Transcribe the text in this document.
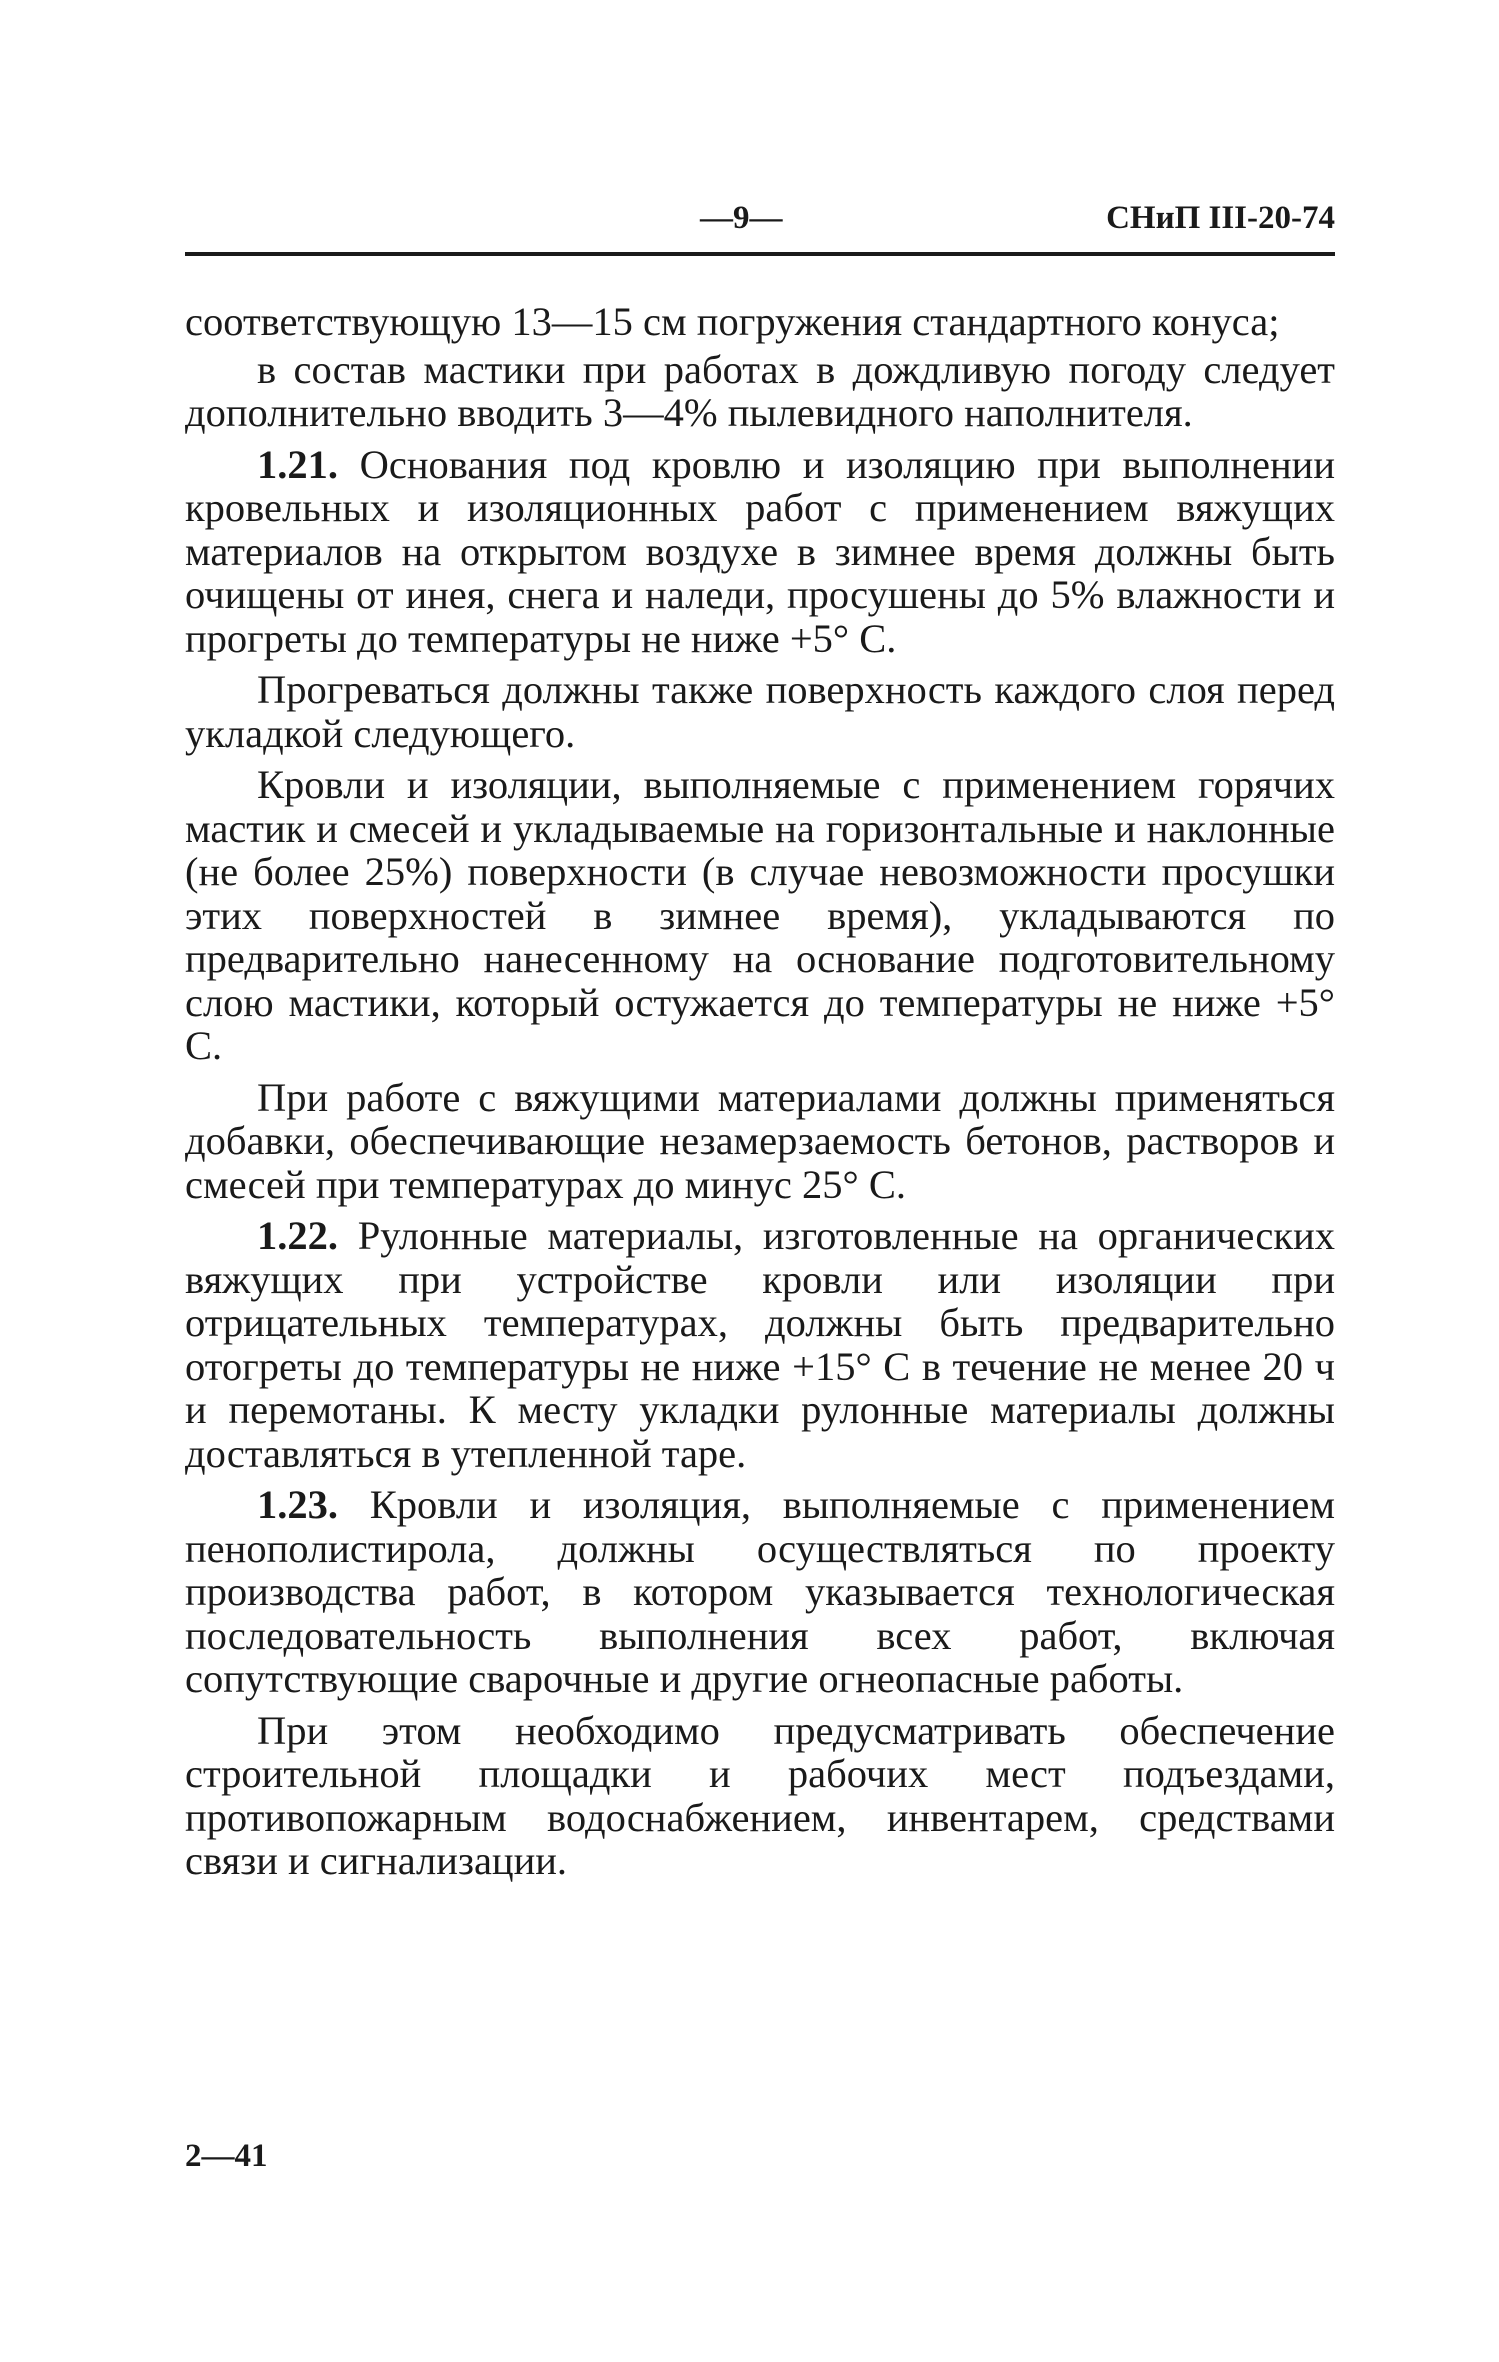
—9—	СНиП III-20-74

соответствующую 13—15 см погружения стандартного конуса;

в состав мастики при работах в дождливую погоду следует дополнительно вводить 3—4% пылевидного наполнителя.

1.21. Основания под кровлю и изоляцию при выполнении кровельных и изоляционных работ с применением вяжущих материалов на открытом воздухе в зимнее время должны быть очищены от инея, снега и наледи, просушены до 5% влажности и прогреты до температуры не ниже +5° С.

Прогреваться должны также поверхность каждого слоя перед укладкой следующего.

Кровли и изоляции, выполняемые с применением горячих мастик и смесей и укладываемые на горизонтальные и наклонные (не более 25%) поверхности (в случае невозможности просушки этих поверхностей в зимнее время), укладываются по предварительно нанесенному на основание подготовительному слою мастики, который остужается до температуры не ниже +5° С.

При работе с вяжущими материалами должны применяться добавки, обеспечивающие незамерзаемость бетонов, растворов и смесей при температурах до минус 25° С.

1.22. Рулонные материалы, изготовленные на органических вяжущих при устройстве кровли или изоляции при отрицательных температурах, должны быть предварительно отогреты до температуры не ниже +15° С в течение не менее 20 ч и перемотаны. К месту укладки рулонные материалы должны доставляться в утепленной таре.

1.23. Кровли и изоляция, выполняемые с применением пенополистирола, должны осуществляться по проекту производства работ, в котором указывается технологическая последовательность выполнения всех работ, включая сопутствующие сварочные и другие огнеопасные работы.

При этом необходимо предусматривать обеспечение строительной площадки и рабочих мест подъездами, противопожарным водоснабжением, инвентарем, средствами связи и сигнализации.

2—41
